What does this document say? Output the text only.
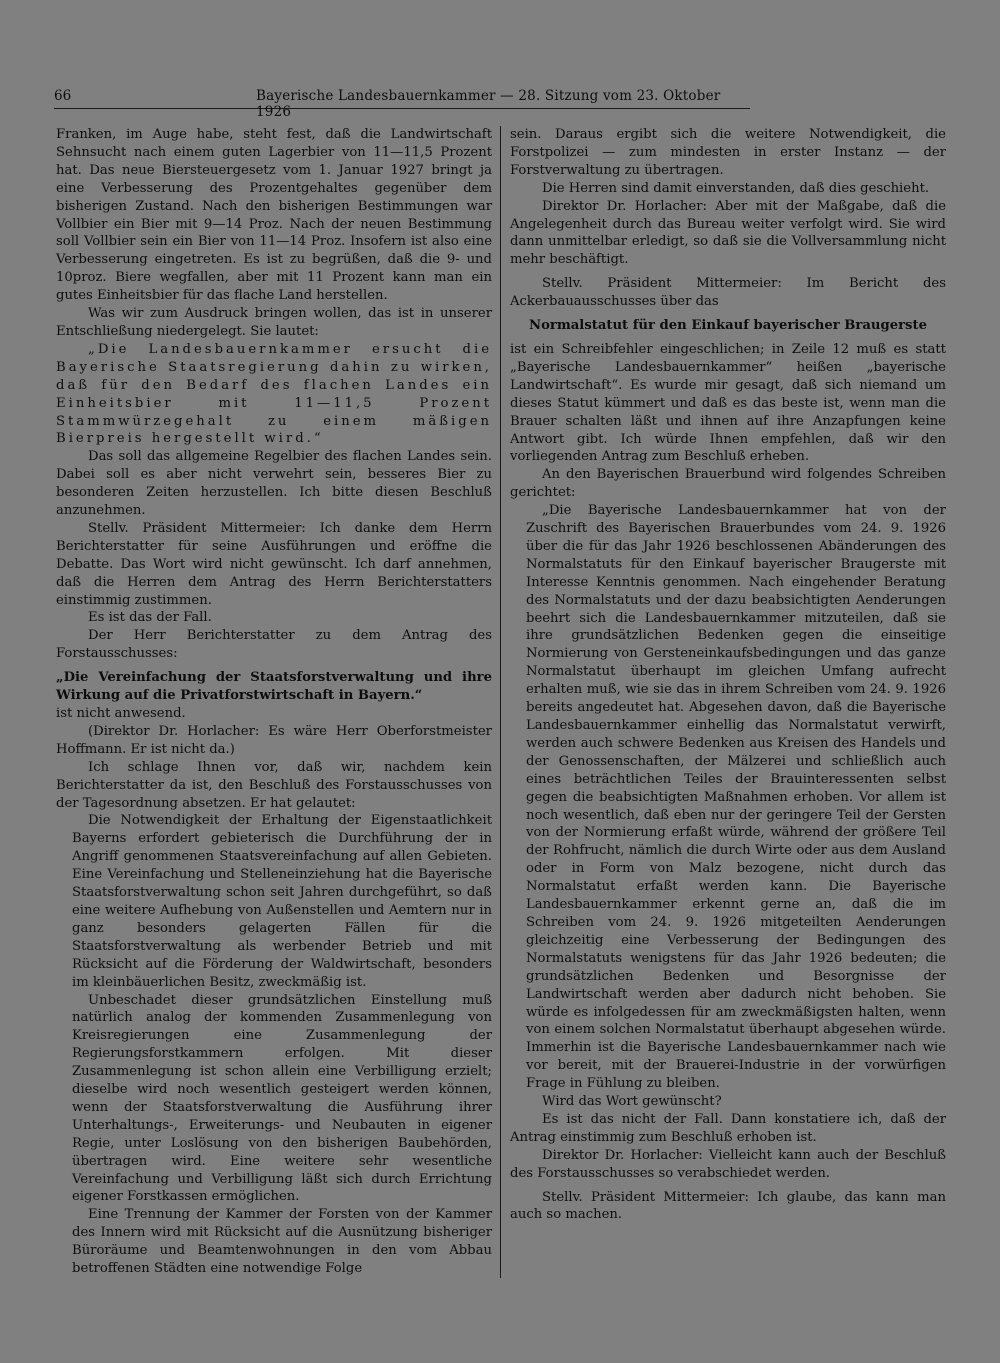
66	Bayerische Landesbauernkammer — 28. Sitzung vom 23. Oktober 1926

Franken, im Auge habe, steht fest, daß die Landwirtschaft Sehnsucht nach einem guten Lagerbier von 11—11,5 Prozent hat. Das neue Biersteuergesetz vom 1. Januar 1927 bringt ja eine Verbesserung des Prozentgehaltes gegenüber dem bisherigen Zustand. Nach den bisherigen Bestimmungen war Vollbier ein Bier mit 9—14 Proz. Nach der neuen Bestimmung soll Vollbier sein ein Bier von 11—14 Proz. Insofern ist also eine Verbesserung eingetreten. Es ist zu begrüßen, daß die 9- und 10proz. Biere wegfallen, aber mit 11 Prozent kann man ein gutes Einheitsbier für das flache Land herstellen.

Was wir zum Ausdruck bringen wollen, das ist in unserer Entschließung niedergelegt. Sie lautet:

„Die Landesbauernkammer ersucht die Bayerische Staatsregierung dahin zu wirken, daß für den Bedarf des flachen Landes ein Einheitsbier mit 11—11,5 Prozent Stammwürzegehalt zu einem mäßigen Bierpreis hergestellt wird.“

Das soll das allgemeine Regelbier des flachen Landes sein. Dabei soll es aber nicht verwehrt sein, besseres Bier zu besonderen Zeiten herzustellen. Ich bitte diesen Beschluß anzunehmen.

Stellv. Präsident Mittermeier: Ich danke dem Herrn Berichterstatter für seine Ausführungen und eröffne die Debatte. Das Wort wird nicht gewünscht. Ich darf annehmen, daß die Herren dem Antrag des Herrn Berichterstatters einstimmig zustimmen.

Es ist das der Fall.

Der Herr Berichterstatter zu dem Antrag des Forstausschusses:

„Die Vereinfachung der Staatsforstverwaltung und ihre Wirkung auf die Privatforstwirtschaft in Bayern.“

ist nicht anwesend.

(Direktor Dr. Horlacher: Es wäre Herr Oberforstmeister Hoffmann. Er ist nicht da.)

Ich schlage Ihnen vor, daß wir, nachdem kein Berichterstatter da ist, den Beschluß des Forstausschusses von der Tagesordnung absetzen. Er hat gelautet:

Die Notwendigkeit der Erhaltung der Eigenstaatlichkeit Bayerns erfordert gebieterisch die Durchführung der in Angriff genommenen Staatsvereinfachung auf allen Gebieten. Eine Vereinfachung und Stelleneinziehung hat die Bayerische Staatsforstverwaltung schon seit Jahren durchgeführt, so daß eine weitere Aufhebung von Außenstellen und Aemtern nur in ganz besonders gelagerten Fällen für die Staatsforstverwaltung als werbender Betrieb und mit Rücksicht auf die Förderung der Waldwirtschaft, besonders im kleinbäuerlichen Besitz, zweckmäßig ist.

Unbeschadet dieser grundsätzlichen Einstellung muß natürlich analog der kommenden Zusammenlegung von Kreisregierungen eine Zusammenlegung der Regierungsforstkammern erfolgen. Mit dieser Zusammenlegung ist schon allein eine Verbilligung erzielt; dieselbe wird noch wesentlich gesteigert werden können, wenn der Staatsforstverwaltung die Ausführung ihrer Unterhaltungs-, Erweiterungs- und Neubauten in eigener Regie, unter Loslösung von den bisherigen Baubehörden, übertragen wird. Eine weitere sehr wesentliche Vereinfachung und Verbilligung läßt sich durch Errichtung eigener Forstkassen ermöglichen.

Eine Trennung der Kammer der Forsten von der Kammer des Innern wird mit Rücksicht auf die Ausnützung bisheriger Büroräume und Beamtenwohnungen in den vom Abbau betroffenen Städten eine notwendige Folge

sein. Daraus ergibt sich die weitere Notwendigkeit, die Forstpolizei — zum mindesten in erster Instanz — der Forstverwaltung zu übertragen.

Die Herren sind damit einverstanden, daß dies geschieht.

Direktor Dr. Horlacher: Aber mit der Maßgabe, daß die Angelegenheit durch das Bureau weiter verfolgt wird. Sie wird dann unmittelbar erledigt, so daß sie die Vollversammlung nicht mehr beschäftigt.

Stellv. Präsident Mittermeier: Im Bericht des Ackerbauausschusses über das

Normalstatut für den Einkauf bayerischer Braugerste

ist ein Schreibfehler eingeschlichen; in Zeile 12 muß es statt „Bayerische Landesbauernkammer“ heißen „bayerische Landwirtschaft“. Es wurde mir gesagt, daß sich niemand um dieses Statut kümmert und daß es das beste ist, wenn man die Brauer schalten läßt und ihnen auf ihre Anzapfungen keine Antwort gibt. Ich würde Ihnen empfehlen, daß wir den vorliegenden Antrag zum Beschluß erheben.

An den Bayerischen Brauerbund wird folgendes Schreiben gerichtet:

„Die Bayerische Landesbauernkammer hat von der Zuschrift des Bayerischen Brauerbundes vom 24. 9. 1926 über die für das Jahr 1926 beschlossenen Abänderungen des Normalstatuts für den Einkauf bayerischer Braugerste mit Interesse Kenntnis genommen. Nach eingehender Beratung des Normalstatuts und der dazu beabsichtigten Aenderungen beehrt sich die Landesbauernkammer mitzuteilen, daß sie ihre grundsätzlichen Bedenken gegen die einseitige Normierung von Gersteneinkaufsbedingungen und das ganze Normalstatut überhaupt im gleichen Umfang aufrecht erhalten muß, wie sie das in ihrem Schreiben vom 24. 9. 1926 bereits angedeutet hat. Abgesehen davon, daß die Bayerische Landesbauernkammer einhellig das Normalstatut verwirft, werden auch schwere Bedenken aus Kreisen des Handels und der Genossenschaften, der Mälzerei und schließlich auch eines beträchtlichen Teiles der Brauinteressenten selbst gegen die beabsichtigten Maßnahmen erhoben. Vor allem ist noch wesentlich, daß eben nur der geringere Teil der Gersten von der Normierung erfaßt würde, während der größere Teil der Rohfrucht, nämlich die durch Wirte oder aus dem Ausland oder in Form von Malz bezogene, nicht durch das Normalstatut erfaßt werden kann. Die Bayerische Landesbauernkammer erkennt gerne an, daß die im Schreiben vom 24. 9. 1926 mitgeteilten Aenderungen gleichzeitig eine Verbesserung der Bedingungen des Normalstatuts wenigstens für das Jahr 1926 bedeuten; die grundsätzlichen Bedenken und Besorgnisse der Landwirtschaft werden aber dadurch nicht behoben. Sie würde es infolgedessen für am zweckmäßigsten halten, wenn von einem solchen Normalstatut überhaupt abgesehen würde. Immerhin ist die Bayerische Landesbauernkammer nach wie vor bereit, mit der Brauerei-Industrie in der vorwürfigen Frage in Fühlung zu bleiben.

Wird das Wort gewünscht?

Es ist das nicht der Fall. Dann konstatiere ich, daß der Antrag einstimmig zum Beschluß erhoben ist.

Direktor Dr. Horlacher: Vielleicht kann auch der Beschluß des Forstausschusses so verabschiedet werden.

Stellv. Präsident Mittermeier: Ich glaube, das kann man auch so machen.
